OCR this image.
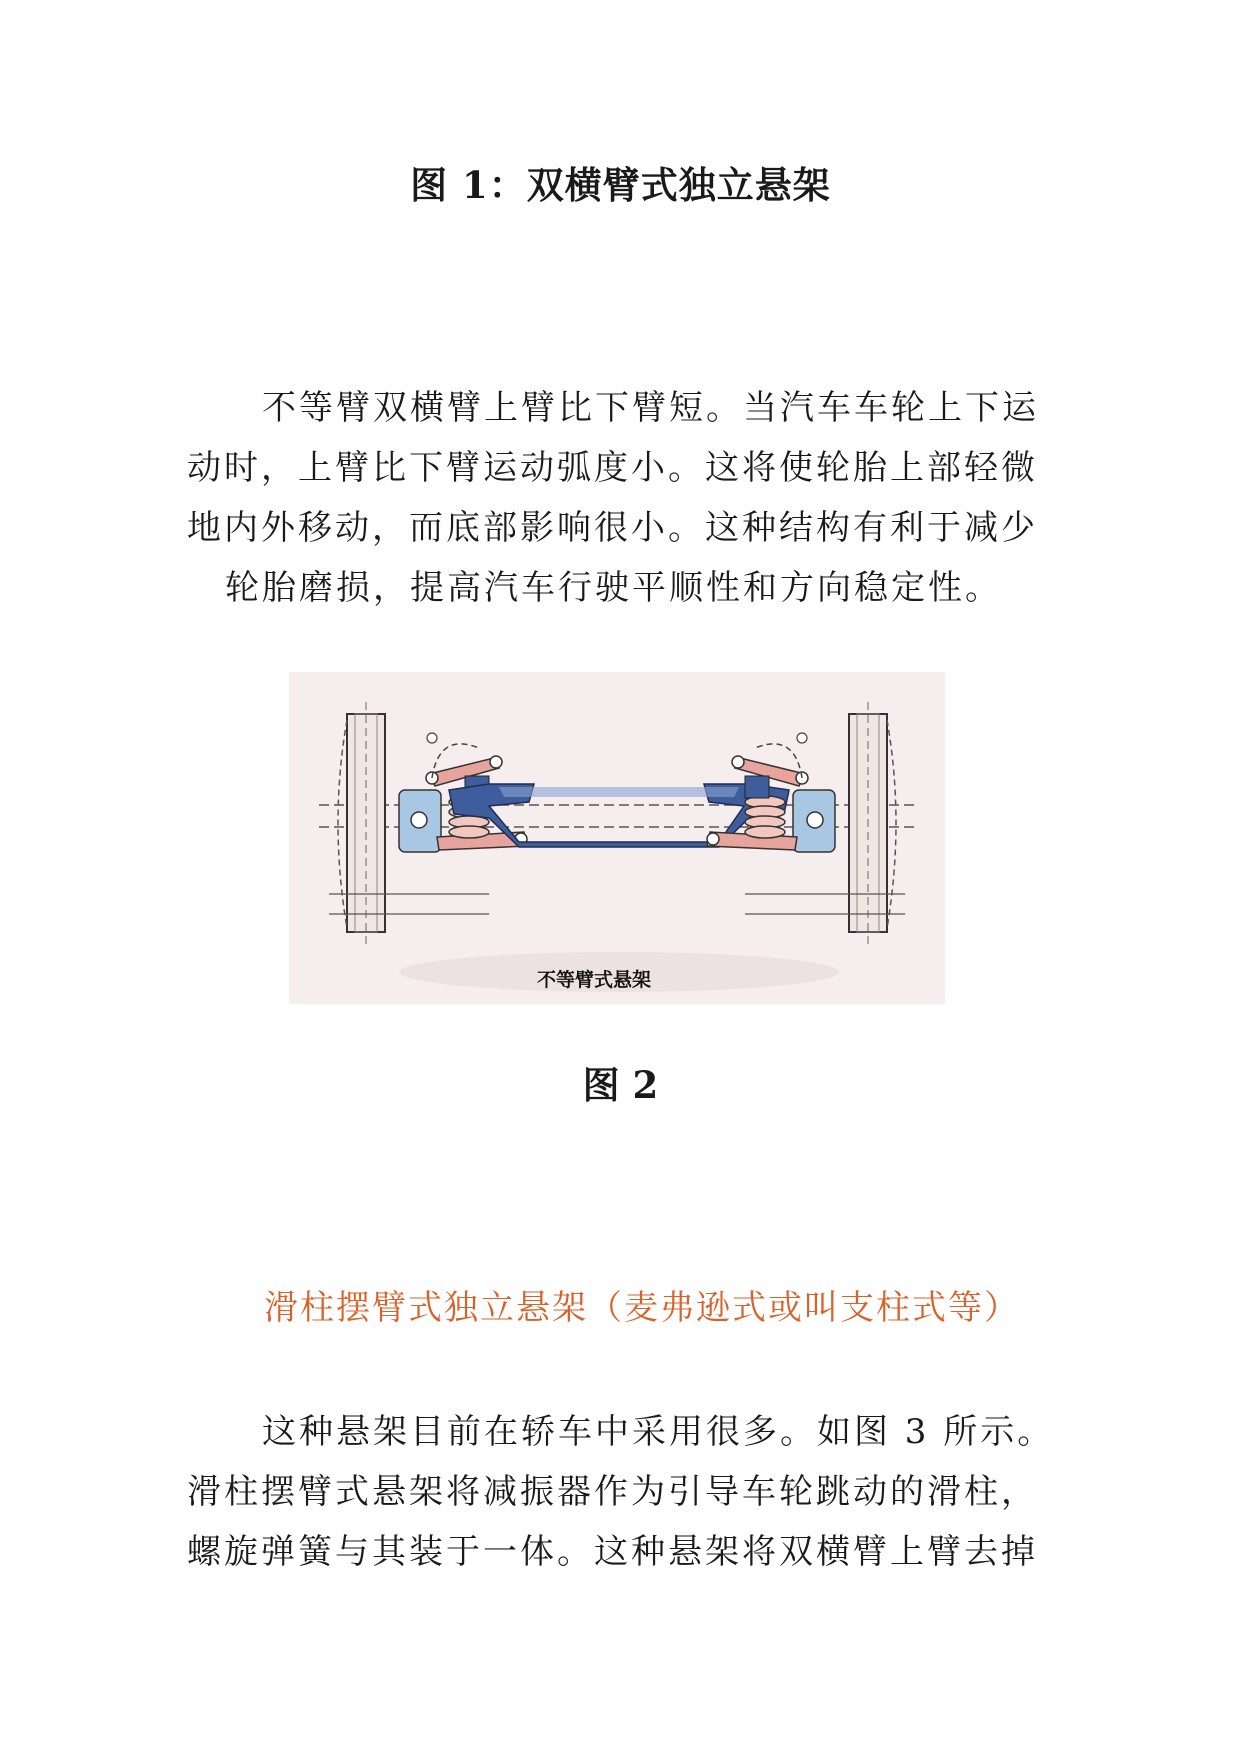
图 1：双横臂式独立悬架
不等臂双横臂上臂比下臂短。当汽车车轮上下运
动时，上臂比下臂运动弧度小。这将使轮胎上部轻微
地内外移动，而底部影响很小。这种结构有利于减少
轮胎磨损，提高汽车行驶平顺性和方向稳定性。
不等臂式悬架
图 2
滑柱摆臂式独立悬架（麦弗逊式或叫支柱式等）
这种悬架目前在轿车中采用很多。如图 3 所示。
滑柱摆臂式悬架将减振器作为引导车轮跳动的滑柱，
螺旋弹簧与其装于一体。这种悬架将双横臂上臂去掉
